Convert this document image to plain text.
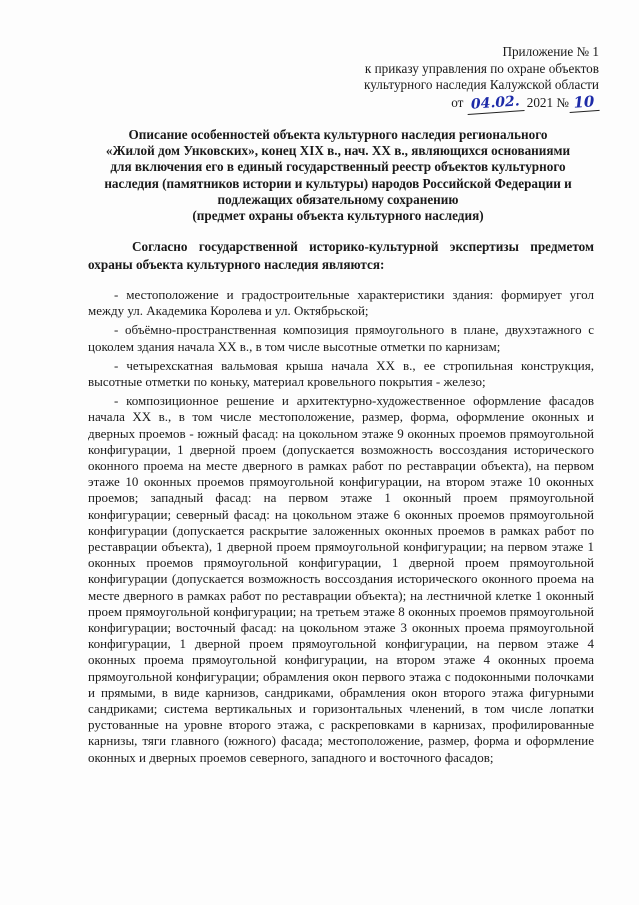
Приложение № 1
к приказу управления по охране объектов
культурного наследия Калужской области
от 04.02. 2021 № 10
Описание особенностей объекта культурного наследия регионального
«Жилой дом Унковских», конец XIX в., нач. XX в., являющихся основаниями
для включения его в единый государственный реестр объектов культурного
наследия (памятников истории и культуры) народов Российской Федерации и
подлежащих обязательному сохранению
(предмет охраны объекта культурного наследия)
Согласно государственной историко-культурной экспертизы предметом охраны объекта культурного наследия являются:

- местоположение и градостроительные характеристики здания: формирует угол между ул. Академика Королева и ул. Октябрьской;

- объёмно-пространственная композиция прямоугольного в плане, двухэтажного с цоколем здания начала XX в., в том числе высотные отметки по карнизам;

- четырехскатная вальмовая крыша начала XX в., ее стропильная конструкция, высотные отметки по коньку, материал кровельного покрытия - железо;

- композиционное решение и архитектурно-художественное оформление фасадов начала XX в., в том числе местоположение, размер, форма, оформление оконных и дверных проемов - южный фасад: на цокольном этаже 9 оконных проемов прямоугольной конфигурации, 1 дверной проем (допускается возможность воссоздания исторического оконного проема на месте дверного в рамках работ по реставрации объекта), на первом этаже 10 оконных проемов прямоугольной конфигурации, на втором этаже 10 оконных проемов; западный фасад: на первом этаже 1 оконный проем прямоугольной конфигурации; северный фасад: на цокольном этаже 6 оконных проемов прямоугольной конфигурации (допускается раскрытие заложенных оконных проемов в рамках работ по реставрации объекта), 1 дверной проем прямоугольной конфигурации; на первом этаже 1 оконных проемов прямоугольной конфигурации, 1 дверной проем прямоугольной конфигурации (допускается возможность воссоздания исторического оконного проема на месте дверного в рамках работ по реставрации объекта); на лестничной клетке 1 оконный проем прямоугольной конфигурации; на третьем этаже 8 оконных проемов прямоугольной конфигурации; восточный фасад: на цокольном этаже 3 оконных проема прямоугольной конфигурации, 1 дверной проем прямоугольной конфигурации, на первом этаже 4 оконных проема прямоугольной конфигурации, на втором этаже 4 оконных проема прямоугольной конфигурации; обрамления окон первого этажа с подоконными полочками и прямыми, в виде карнизов, сандриками, обрамления окон второго этажа фигурными сандриками; система вертикальных и горизонтальных членений, в том числе лопатки рустованные на уровне второго этажа, с раскреповками в карнизах, профилированные карнизы, тяги главного (южного) фасада; местоположение, размер, форма и оформление оконных и дверных проемов северного, западного и восточного фасадов;
